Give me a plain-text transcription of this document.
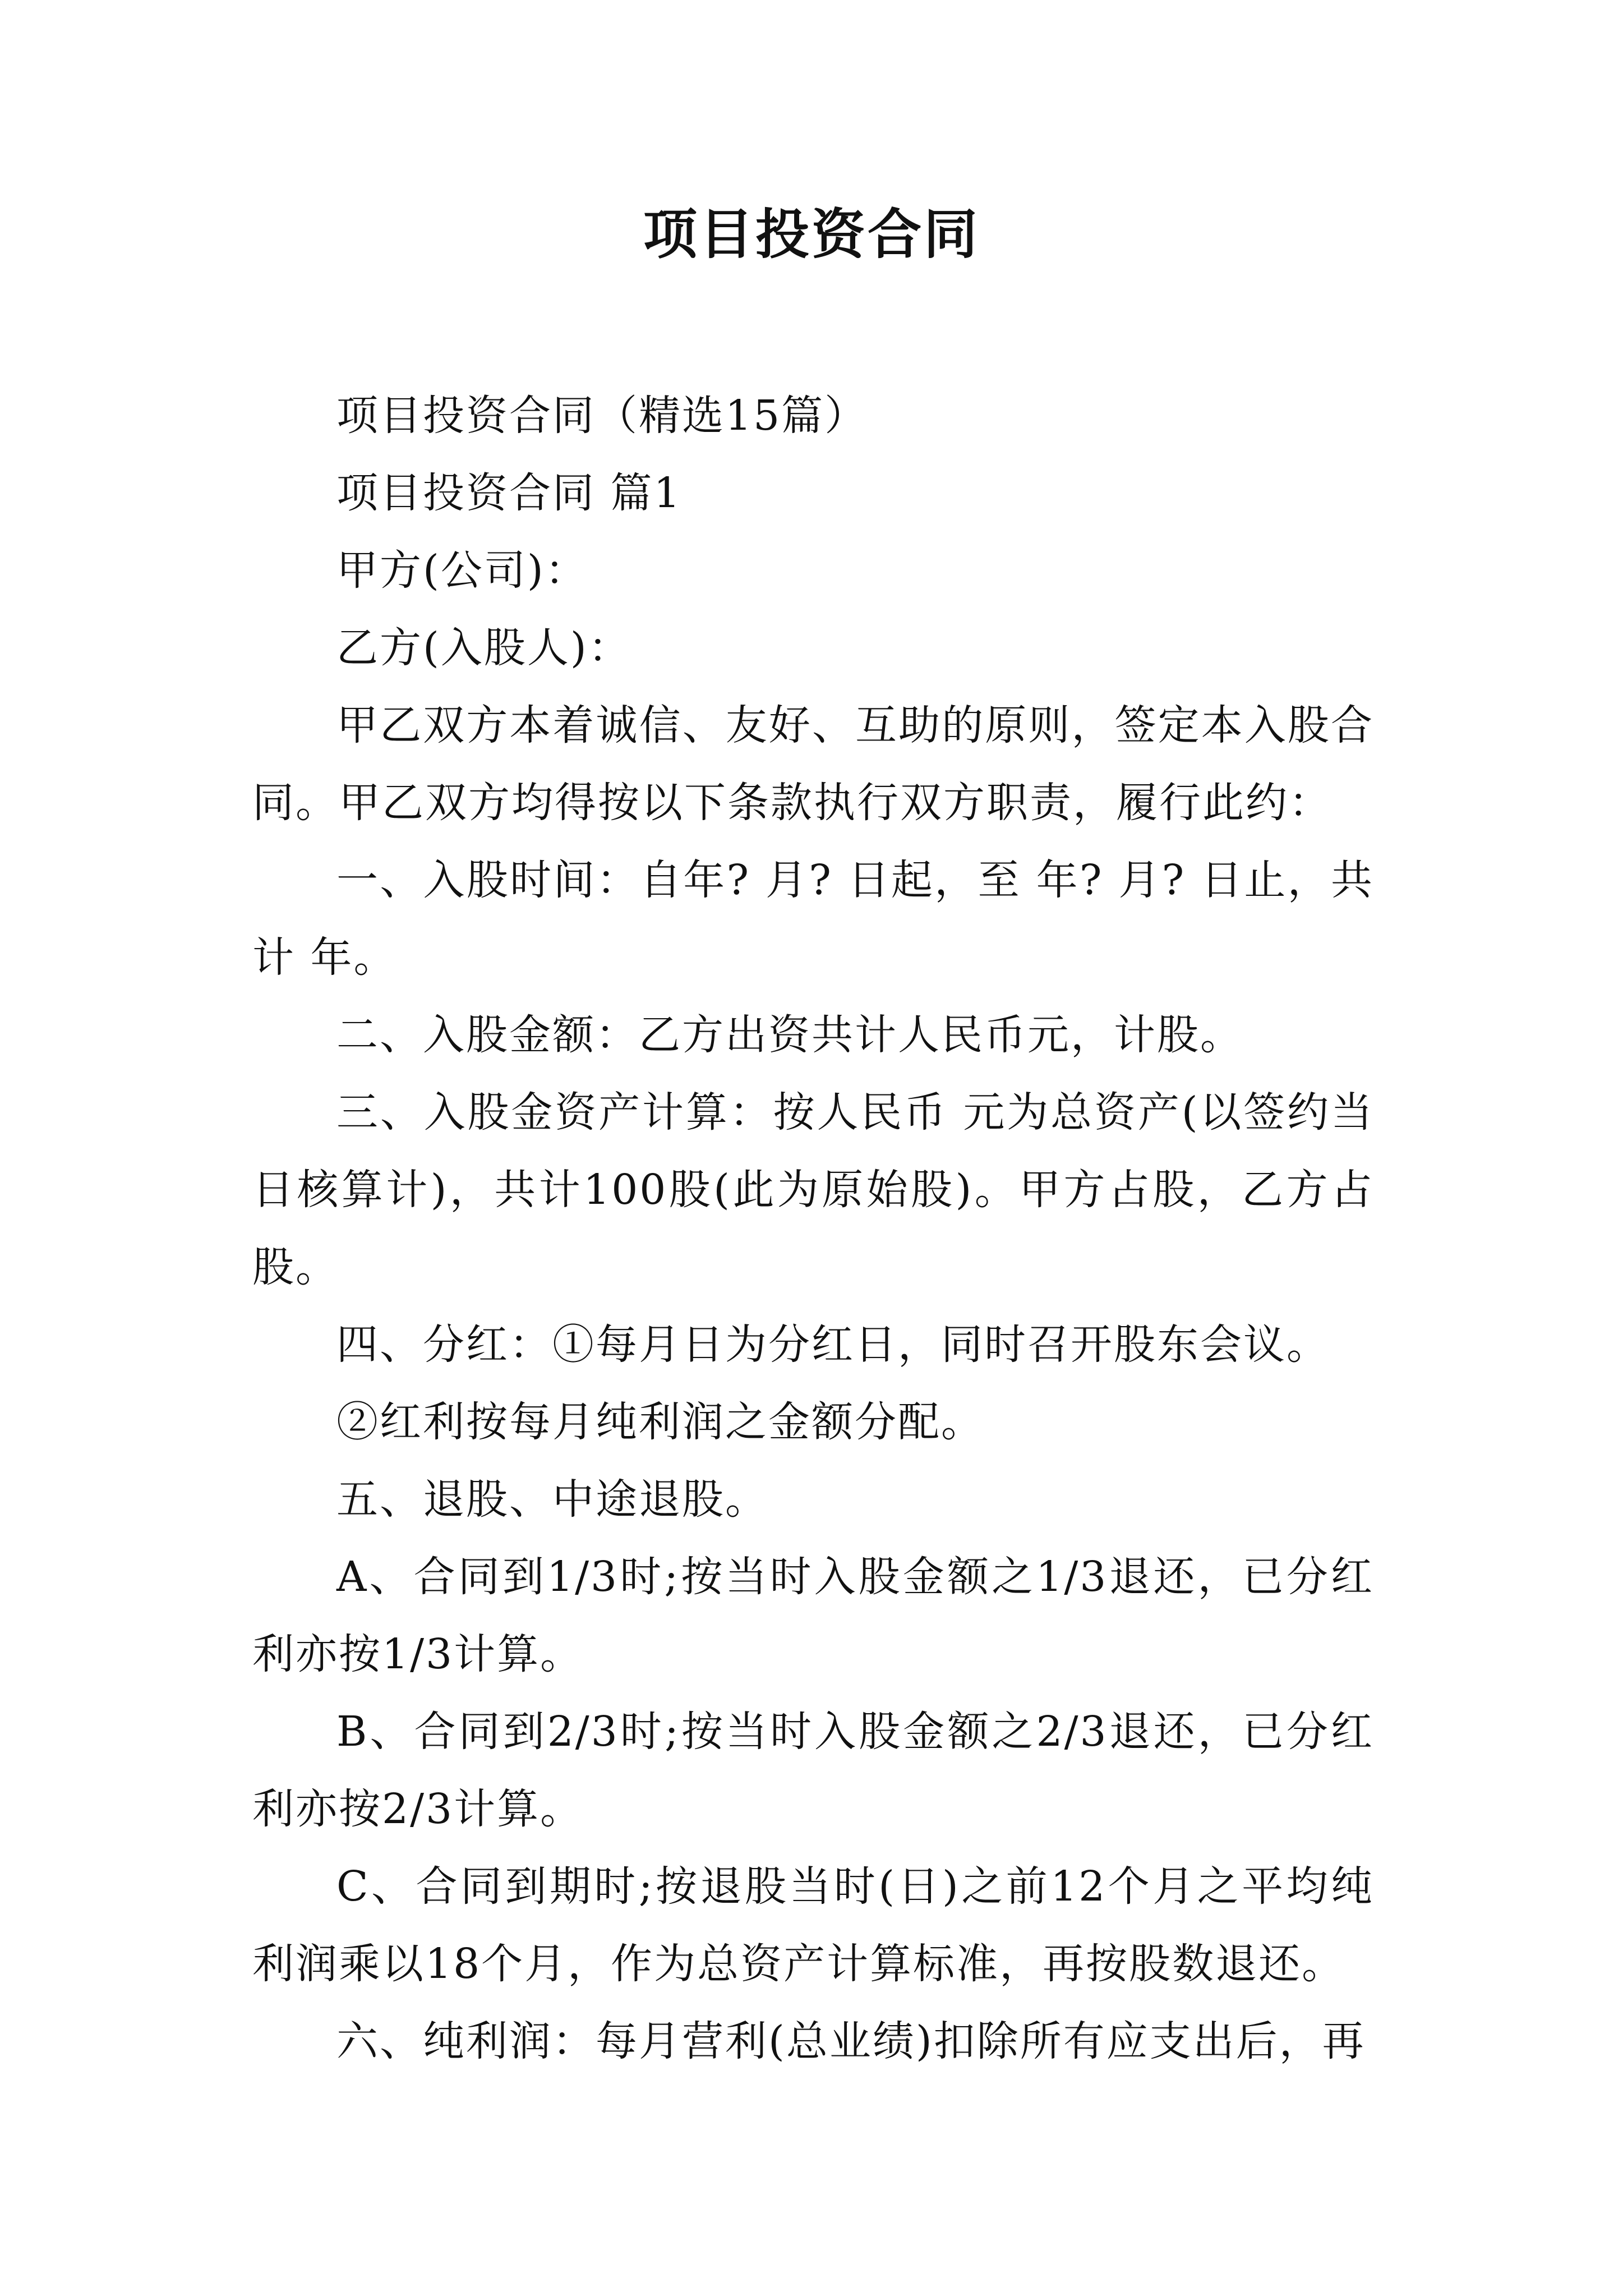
项目投资合同

项目投资合同（精选15篇）

项目投资合同 篇1

甲方(公司)：

乙方(入股人)：

甲乙双方本着诚信、友好、互助的原则，签定本入股合同。甲乙双方均得按以下条款执行双方职责，履行此约：

一、入股时间：自年? 月? 日起，至 年? 月? 日止，共计 年。

二、入股金额：乙方出资共计人民币元，计股。

三、入股金资产计算：按人民币 元为总资产(以签约当日核算计)，共计100股(此为原始股)。甲方占股，乙方占股。

四、分红：①每月日为分红日，同时召开股东会议。

②红利按每月纯利润之金额分配。

五、退股、中途退股。

A、合同到1/3时;按当时入股金额之1/3退还，已分红利亦按1/3计算。

B、合同到2/3时;按当时入股金额之2/3退还，已分红利亦按2/3计算。

C、合同到期时;按退股当时(日)之前12个月之平均纯利润乘以18个月，作为总资产计算标准，再按股数退还。

六、纯利润：每月营利(总业绩)扣除所有应支出后，再
